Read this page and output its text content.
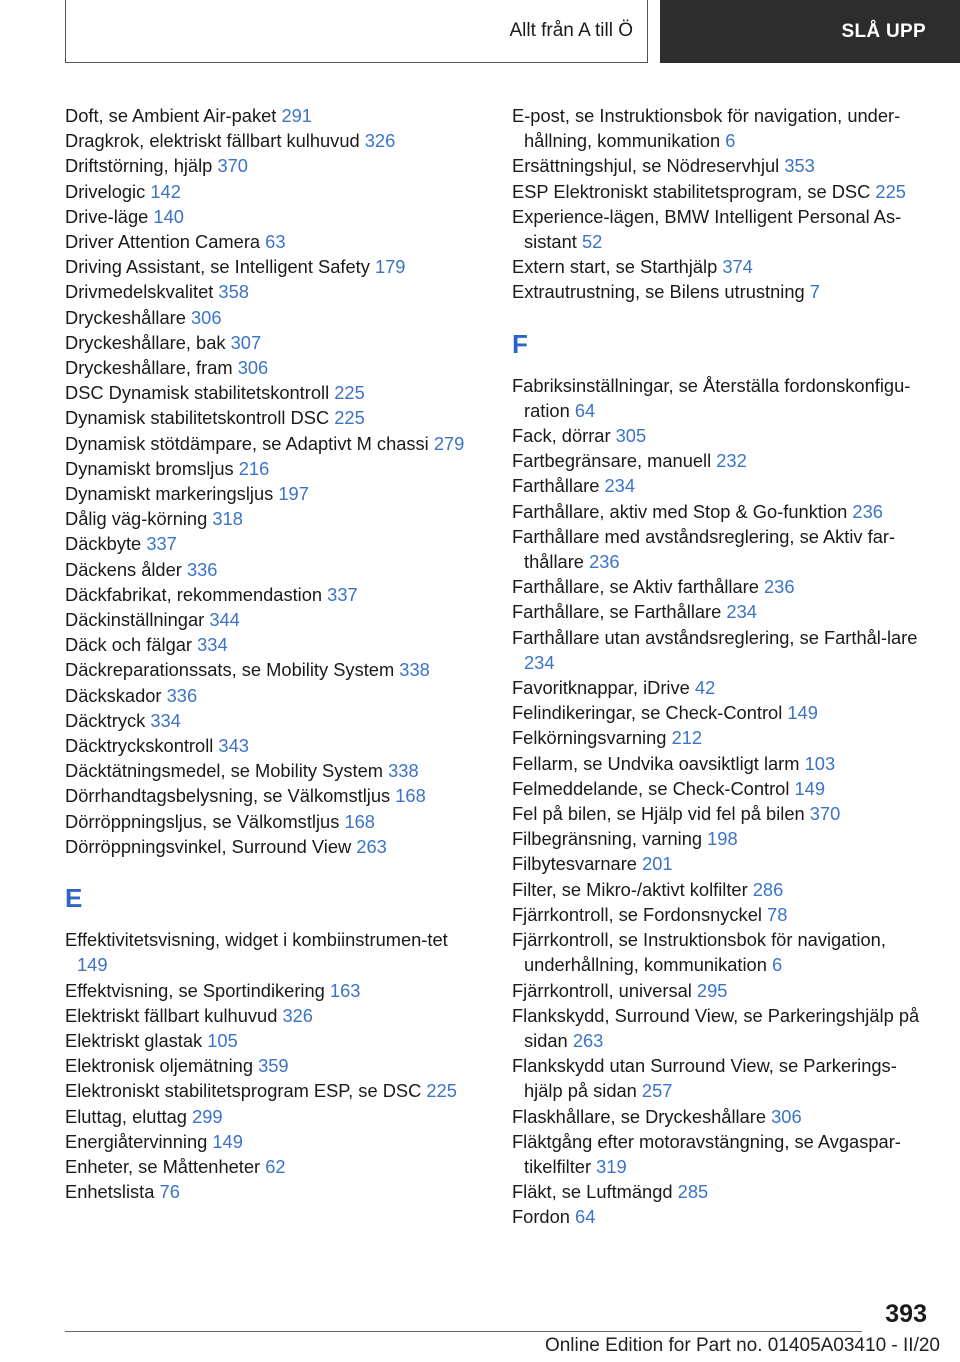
Allt från A till Ö	SLÅ UPP
Doft, se Ambient Air-paket 291
Dragkrok, elektriskt fällbart kulhuvud 326
Driftstörning, hjälp 370
Drivelogic 142
Drive-läge 140
Driver Attention Camera 63
Driving Assistant, se Intelligent Safety 179
Drivmedelskvalitet 358
Dryckeshållare 306
Dryckeshållare, bak 307
Dryckeshållare, fram 306
DSC Dynamisk stabilitetskontroll 225
Dynamisk stabilitetskontroll DSC 225
Dynamisk stötdämpare, se Adaptivt M chassi 279
Dynamiskt bromsljus 216
Dynamiskt markeringsljus 197
Dålig väg-körning 318
Däckbyte 337
Däckens ålder 336
Däckfabrikat, rekommendastion 337
Däckinställningar 344
Däck och fälgar 334
Däckreparationssats, se Mobility System 338
Däckskador 336
Däcktryck 334
Däcktryckskontroll 343
Däcktätningsmedel, se Mobility System 338
Dörrhandtagsbelysning, se Välkomstljus 168
Dörröppningsljus, se Välkomstljus 168
Dörröppningsvinkel, Surround View 263
E
Effektivitetsvisning, widget i kombiinstrumen-tet 149
Effektvisning, se Sportindikering 163
Elektriskt fällbart kulhuvud 326
Elektriskt glastak 105
Elektronisk oljemätning 359
Elektroniskt stabilitetsprogram ESP, se DSC 225
Eluttag, eluttag 299
Energiåtervinning 149
Enheter, se Måttenheter 62
Enhetslista 76
E-post, se Instruktionsbok för navigation, under-hållning, kommunikation 6
Ersättningshjul, se Nödreservhjul 353
ESP Elektroniskt stabilitetsprogram, se DSC 225
Experience-lägen, BMW Intelligent Personal As-sistant 52
Extern start, se Starthjälp 374
Extrautrustning, se Bilens utrustning 7
F
Fabriksinställningar, se Återställa fordonskonfigu-ration 64
Fack, dörrar 305
Fartbegränsare, manuell 232
Farthållare 234
Farthållare, aktiv med Stop & Go-funktion 236
Farthållare med avståndsreglering, se Aktiv far-thållare 236
Farthållare, se Aktiv farthållare 236
Farthållare, se Farthållare 234
Farthållare utan avståndsreglering, se Farthål-lare 234
Favoritknappar, iDrive 42
Felindikeringar, se Check-Control 149
Felkörningsvarning 212
Fellarm, se Undvika oavsiktligt larm 103
Felmeddelande, se Check-Control 149
Fel på bilen, se Hjälp vid fel på bilen 370
Filbegränsning, varning 198
Filbytesvarnare 201
Filter, se Mikro-/aktivt kolfilter 286
Fjärrkontroll, se Fordonsnyckel 78
Fjärrkontroll, se Instruktionsbok för navigation, underhållning, kommunikation 6
Fjärrkontroll, universal 295
Flankskydd, Surround View, se Parkeringshjälp på sidan 263
Flankskydd utan Surround View, se Parkerings-hjälp på sidan 257
Flaskhållare, se Dryckeshållare 306
Fläktgång efter motoravstängning, se Avgaspar-tikelfilter 319
Fläkt, se Luftmängd 285
Fordon 64
393
Online Edition for Part no. 01405A03410 - II/20
